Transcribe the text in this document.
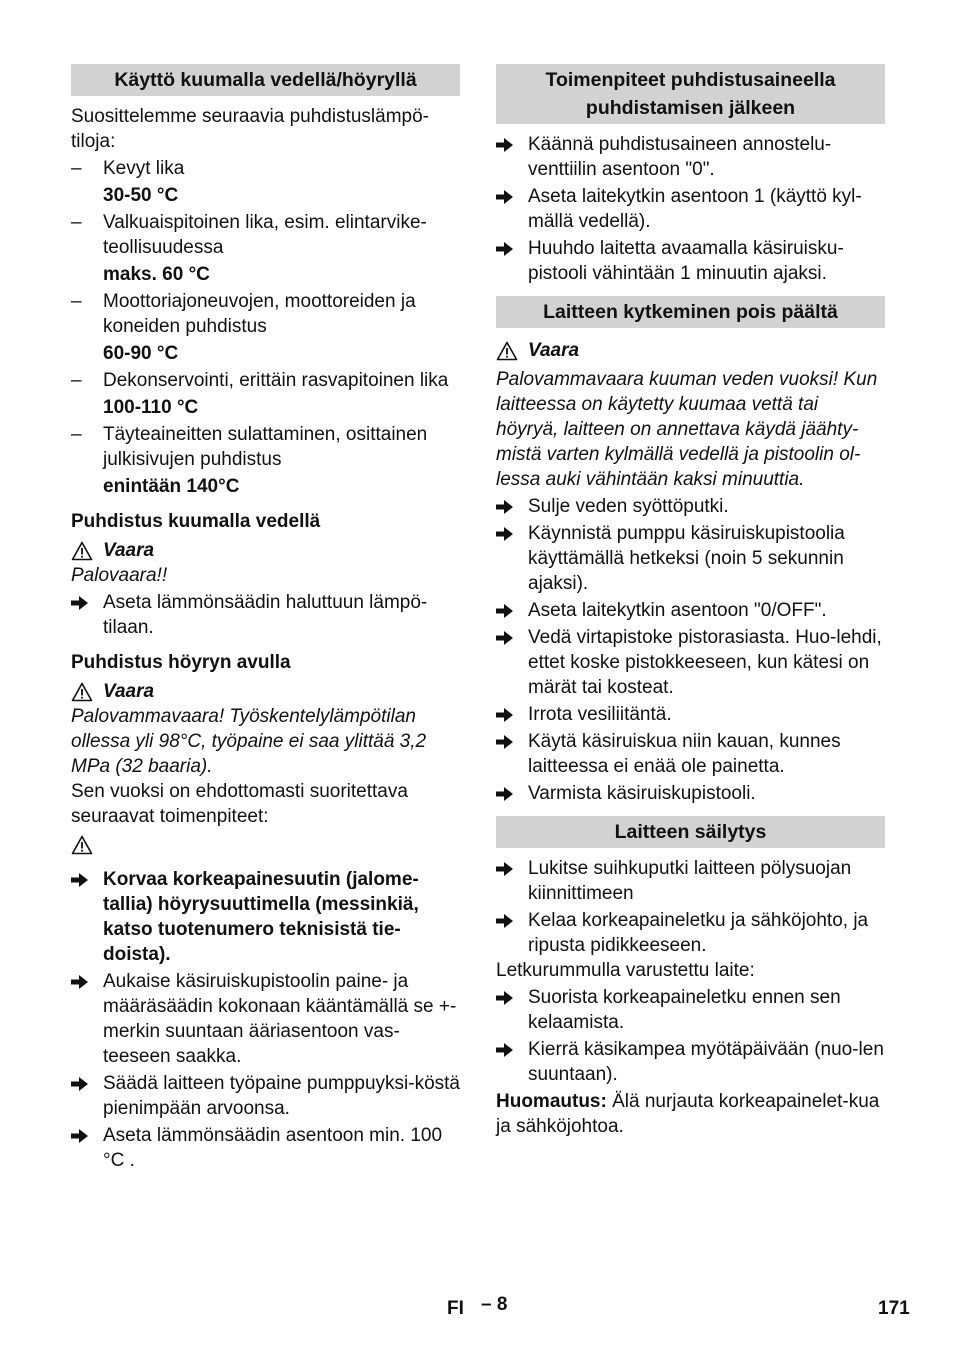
Käyttö kuumalla vedellä/höyryllä
Suosittelemme seuraavia puhdistuslämpö-tiloja:
– Kevyt lika
30-50 °C
– Valkuaispitoinen lika, esim. elintarvike-teollisuudessa
maks. 60 °C
– Moottoriajoneuvojen, moottoreiden ja koneiden puhdistus
60-90 °C
– Dekonservointi, erittäin rasvapitoinen lika
100-110 °C
– Täyteaineitten sulattaminen, osittainen julkisivujen puhdistus
enintään 140°C
Puhdistus kuumalla vedellä
Vaara
Palovaara!!
Aseta lämmönsäädin haluttuun lämpö-tilaan.
Puhdistus höyryn avulla
Vaara
Palovammavaara! Työskentelylämpötilan ollessa yli 98°C, työpaine ei saa ylittää 3,2 MPa (32 baaria).
Sen vuoksi on ehdottomasti suoritettava seuraavat toimenpiteet:
Korvaa korkeapainesuutin (jalome-tallia) höyrysuuttimella (messinkiä, katso tuotenumero teknisistä tie-doista).
Aukaise käsiruiskupistoolin paine- ja määräsäädin kokonaan kääntämällä se +-merkin suuntaan ääriasentoon vas-teeseen saakka.
Säädä laitteen työpaine pumppuyksi-köstä pienimpään arvoonsa.
Aseta lämmönsäädin asentoon min. 100 °C .
Toimenpiteet puhdistusaineella puhdistamisen jälkeen
Käännä puhdistusaineen annostelu-venttiilin asentoon "0".
Aseta laitekytkin asentoon 1 (käyttö kyl-mällä vedellä).
Huuhdo laitetta avaamalla käsiruisku-pistooli vähintään 1 minuutin ajaksi.
Laitteen kytkeminen pois päältä
Vaara
Palovammavaara kuuman veden vuoksi! Kun laitteessa on käytetty kuumaa vettä tai höyryä, laitteen on annettava käydä jäähty-mistä varten kylmällä vedellä ja pistoolin ol-lessa auki vähintään kaksi minuuttia.
Sulje veden syöttöputki.
Käynnistä pumppu käsiruiskupistoolia käyttämällä hetkeksi (noin 5 sekunnin ajaksi).
Aseta laitekytkin asentoon "0/OFF".
Vedä virtapistoke pistorasiasta. Huo-lehdi, ettet koske pistokkeeseen, kun kätesi on märät tai kosteat.
Irrota vesiliitäntä.
Käytä käsiruiskua niin kauan, kunnes laitteessa ei enää ole painetta.
Varmista käsiruiskupistooli.
Laitteen säilytys
Lukitse suihkuputki laitteen pölysuojan kiinnittimeen
Kelaa korkeapaineletku ja sähköjohto, ja ripusta pidikkeeseen.
Letkurummulla varustettu laite:
Suorista korkeapaineletku ennen sen kelaamista.
Kierrä käsikampea myötäpäivään (nuo-len suuntaan).
Huomautus: Älä nurjauta korkeapainelet-kua ja sähköjohtoa.
FI – 8	171
